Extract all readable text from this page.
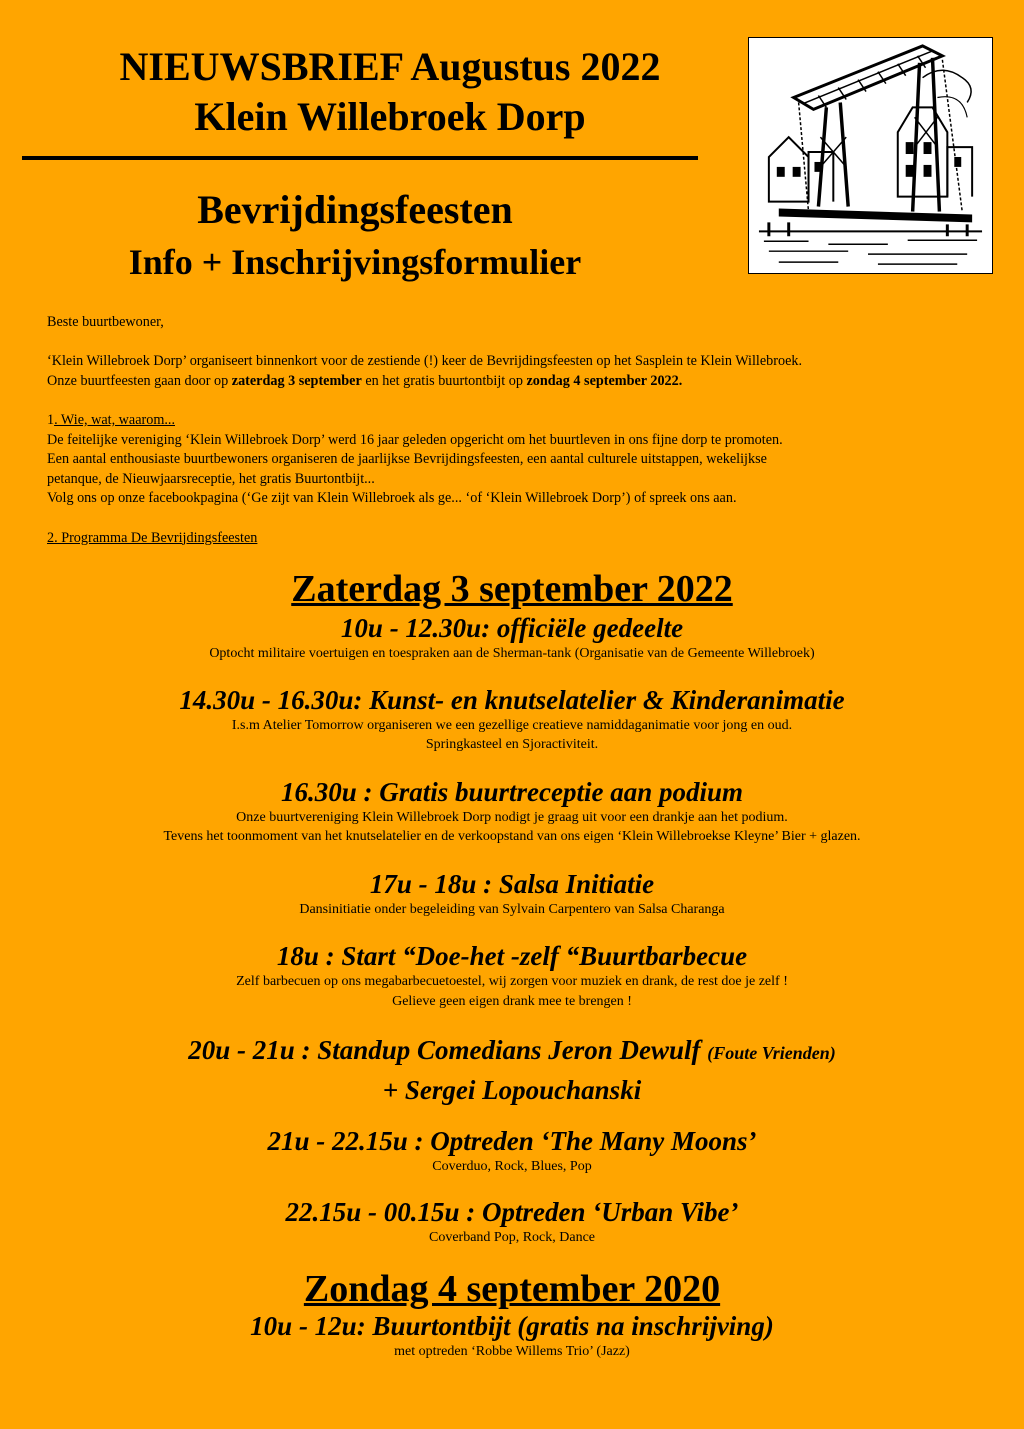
NIEUWSBRIEF Augustus 2022
Klein Willebroek Dorp
Bevrijdingsfeesten
Info + Inschrijvingsformulier

Beste buurtbewoner,

‘Klein Willebroek Dorp’ organiseert binnenkort voor de zestiende (!) keer de Bevrijdingsfeesten op het Sasplein te Klein Willebroek.

Onze buurtfeesten gaan door op zaterdag 3 september en het gratis buurtontbijt op zondag 4 september 2022.

1. Wie, wat, waarom...

De feitelijke vereniging ‘Klein Willebroek Dorp’ werd 16 jaar geleden opgericht om het buurtleven in ons fijne dorp te promoten.

Een aantal enthousiaste buurtbewoners organiseren de jaarlijkse Bevrijdingsfeesten, een aantal culturele uitstappen, wekelijkse

petanque, de Nieuwjaarsreceptie, het gratis Buurtontbijt...

Volg ons op onze facebookpagina (‘Ge zijt van Klein Willebroek als ge... ‘of ‘Klein Willebroek Dorp’) of spreek ons aan.

2. Programma De Bevrijdingsfeesten

Zaterdag 3 september 2022

10u - 12.30u: officiële gedeelte

Optocht militaire voertuigen en toespraken aan de Sherman-tank (Organisatie van de Gemeente Willebroek)

14.30u - 16.30u: Kunst- en knutselatelier & Kinderanimatie

I.s.m Atelier Tomorrow organiseren we een gezellige creatieve namiddaganimatie voor jong en oud.

Springkasteel en Sjoractiviteit.

16.30u : Gratis buurtreceptie aan podium

Onze buurtvereniging Klein Willebroek Dorp nodigt je graag uit voor een drankje aan het podium.

Tevens het toonmoment van het knutselatelier en de verkoopstand van ons eigen ‘Klein Willebroekse Kleyne’ Bier + glazen.

17u - 18u : Salsa Initiatie

Dansinitiatie onder begeleiding van Sylvain Carpentero van Salsa Charanga

18u : Start “Doe-het -zelf “Buurtbarbecue

Zelf barbecuen op ons megabarbecuetoestel, wij zorgen voor muziek en drank, de rest doe je zelf !

Gelieve geen eigen drank mee te brengen !

20u - 21u : Standup Comedians Jeron Dewulf (Foute Vrienden)

+ Sergei Lopouchanski

21u - 22.15u : Optreden ‘The Many Moons’

Coverduo, Rock, Blues, Pop

22.15u - 00.15u : Optreden ‘Urban Vibe’

Coverband Pop, Rock, Dance

Zondag 4 september 2020

10u - 12u: Buurtontbijt (gratis na inschrijving)

met optreden ‘Robbe Willems Trio’ (Jazz)
